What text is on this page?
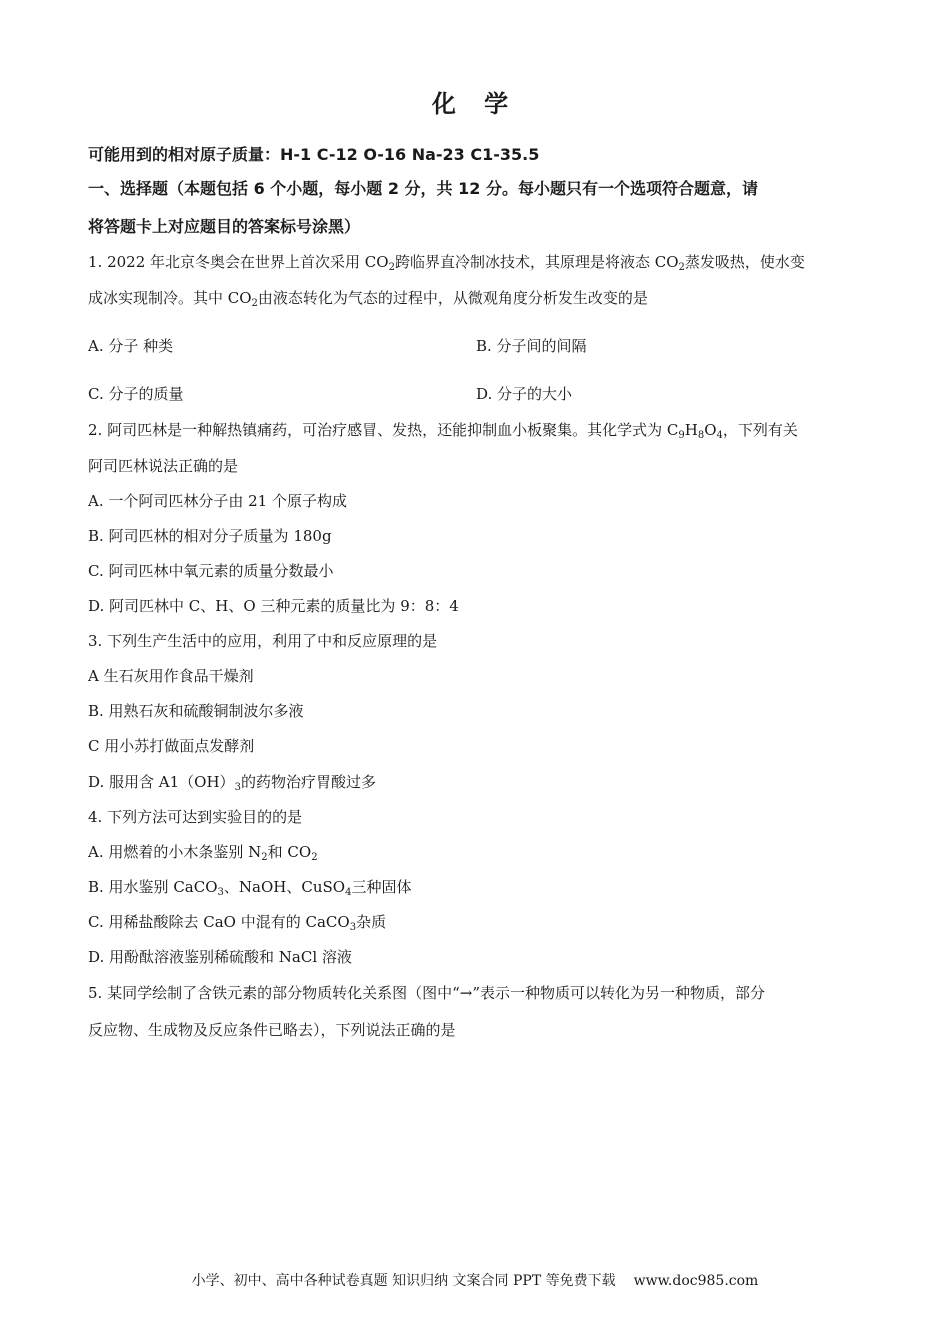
化 学
可能用到的相对原子质量：H-1 C-12 O-16 Na-23 C1-35.5
一、选择题（本题包括 6 个小题，每小题 2 分，共 12 分。每小题只有一个选项符合题意，请
将答题卡上对应题目的答案标号涂黑）
1. 2022 年北京冬奥会在世界上首次采用 $CO_2$跨临界直冷制冰技术，其原理是将液态 $CO_2$蒸发吸热，使水变
成冰实现制冷。其中 $CO_2$由液态转化为气态的过程中，从微观角度分析发生改变的是
A. 分子 种类	B. 分子间的间隔
C. 分子的质量	D. 分子的大小
2. 阿司匹林是一种解热镇痛药，可治疗感冒、发热，还能抑制血小板聚集。其化学式为 $C_9H_8O_4$，下列有关
阿司匹林说法正确的是
A. 一个阿司匹林分子由 21 个原子构成
B. 阿司匹林的相对分子质量为 180g
C. 阿司匹林中氧元素的质量分数最小
D. 阿司匹林中 C、H、O 三种元素的质量比为 9：8：4
3. 下列生产生活中的应用，利用了中和反应原理的是
A 生石灰用作食品干燥剂
B. 用熟石灰和硫酸铜制波尔多液
C 用小苏打做面点发酵剂
D. 服用含 $A1(OH)_3$的药物治疗胃酸过多
4. 下列方法可达到实验目的的是
A. 用燃着的小木条鉴别 $N_2$和 $CO_2$
B. 用水鉴别 CaCO$_3$、NaOH、CuSO$_4$三种固体
C. 用稀盐酸除去 CaO 中混有的 CaCO$_3$杂质
D. 用酚酞溶液鉴别稀硫酸和 NaCl 溶液
5. 某同学绘制了含铁元素的部分物质转化关系图（图中“→”表示一种物质可以转化为另一种物质，部分
反应物、生成物及反应条件已略去），下列说法正确的是
小学、初中、高中各种试卷真题 知识归纳 文案合同 PPT 等免费下载 www.doc985.com
